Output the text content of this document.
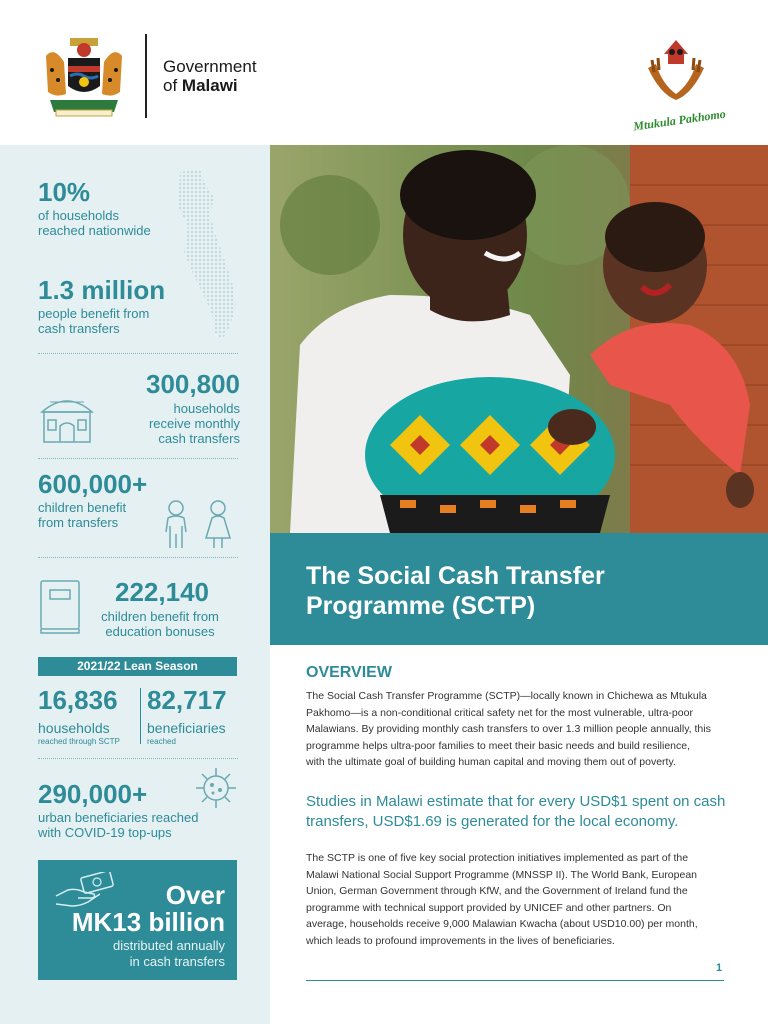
Government
of Malawi
Mtukula Pakhomo
10%
of households
reached nationwide
1.3 million
people benefit from
cash transfers
300,800
households
receive monthly
cash transfers
600,000+
children benefit
from transfers
222,140
children benefit from
education bonuses
2021/22 Lean Season
16,836
households
reached through SCTP
82,717
beneficiaries
reached
290,000+
urban beneficiaries reached
with COVID-19 top-ups
Over
MK13 billion
distributed annually
in cash transfers
The Social Cash Transfer
Programme (SCTP)
OVERVIEW
The Social Cash Transfer Programme (SCTP)—locally known in Chichewa as Mtukula
Pakhomo—is a non-conditional critical safety net for the most vulnerable, ultra-poor
Malawians. By providing monthly cash transfers to over 1.3 million people annually, this
programme helps ultra-poor families to meet their basic needs and build resilience,
with the ultimate goal of building human capital and moving them out of poverty.
Studies in Malawi estimate that for every USD$1 spent on cash
transfers, USD$1.69 is generated for the local economy.
The SCTP is one of five key social protection initiatives implemented as part of the
Malawi National Social Support Programme (MNSSP II). The World Bank, European
Union, German Government through KfW, and the Government of Ireland fund the
programme with technical support provided by UNICEF and other partners. On
average, households receive 9,000 Malawian Kwacha (about USD10.00) per month,
which leads to profound improvements in the lives of beneficiaries.
1
